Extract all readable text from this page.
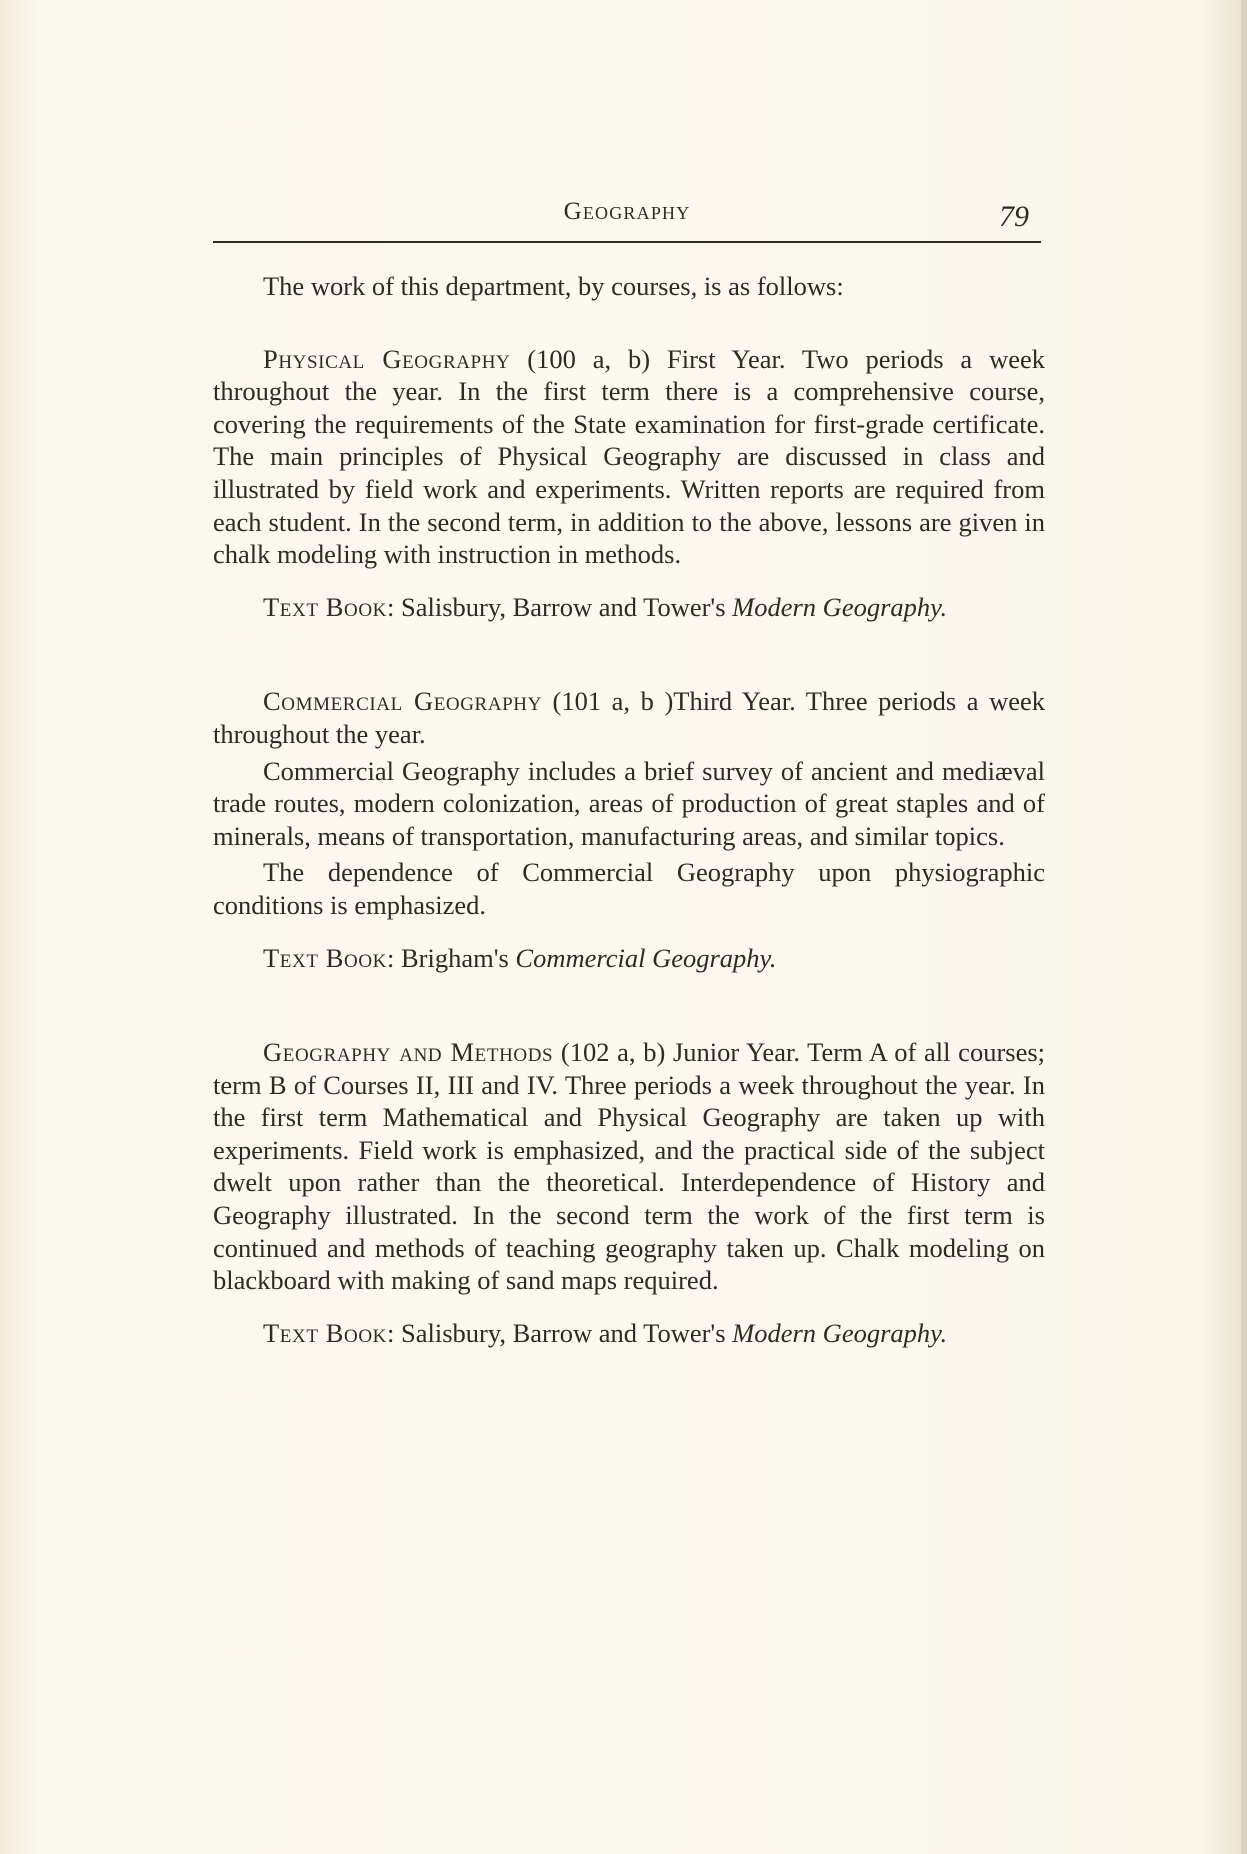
Geography	79

The work of this department, by courses, is as follows:

Physical Geography (100 a, b) First Year. Two periods a week throughout the year. In the first term there is a comprehensive course, covering the requirements of the State examination for first-grade certificate. The main principles of Physical Geography are discussed in class and illustrated by field work and experiments. Written reports are required from each student. In the second term, in addition to the above, lessons are given in chalk modeling with instruction in methods.

Text Book: Salisbury, Barrow and Tower's Modern Geography.

Commercial Geography (101 a, b )Third Year. Three periods a week throughout the year.

Commercial Geography includes a brief survey of ancient and mediæval trade routes, modern colonization, areas of production of great staples and of minerals, means of transportation, manufacturing areas, and similar topics.

The dependence of Commercial Geography upon physiographic conditions is emphasized.

Text Book: Brigham's Commercial Geography.

Geography and Methods (102 a, b) Junior Year. Term A of all courses; term B of Courses II, III and IV. Three periods a week throughout the year. In the first term Mathematical and Physical Geography are taken up with experiments. Field work is emphasized, and the practical side of the subject dwelt upon rather than the theoretical. Interdependence of History and Geography illustrated. In the second term the work of the first term is continued and methods of teaching geography taken up. Chalk modeling on blackboard with making of sand maps required.

Text Book: Salisbury, Barrow and Tower's Modern Geography.
